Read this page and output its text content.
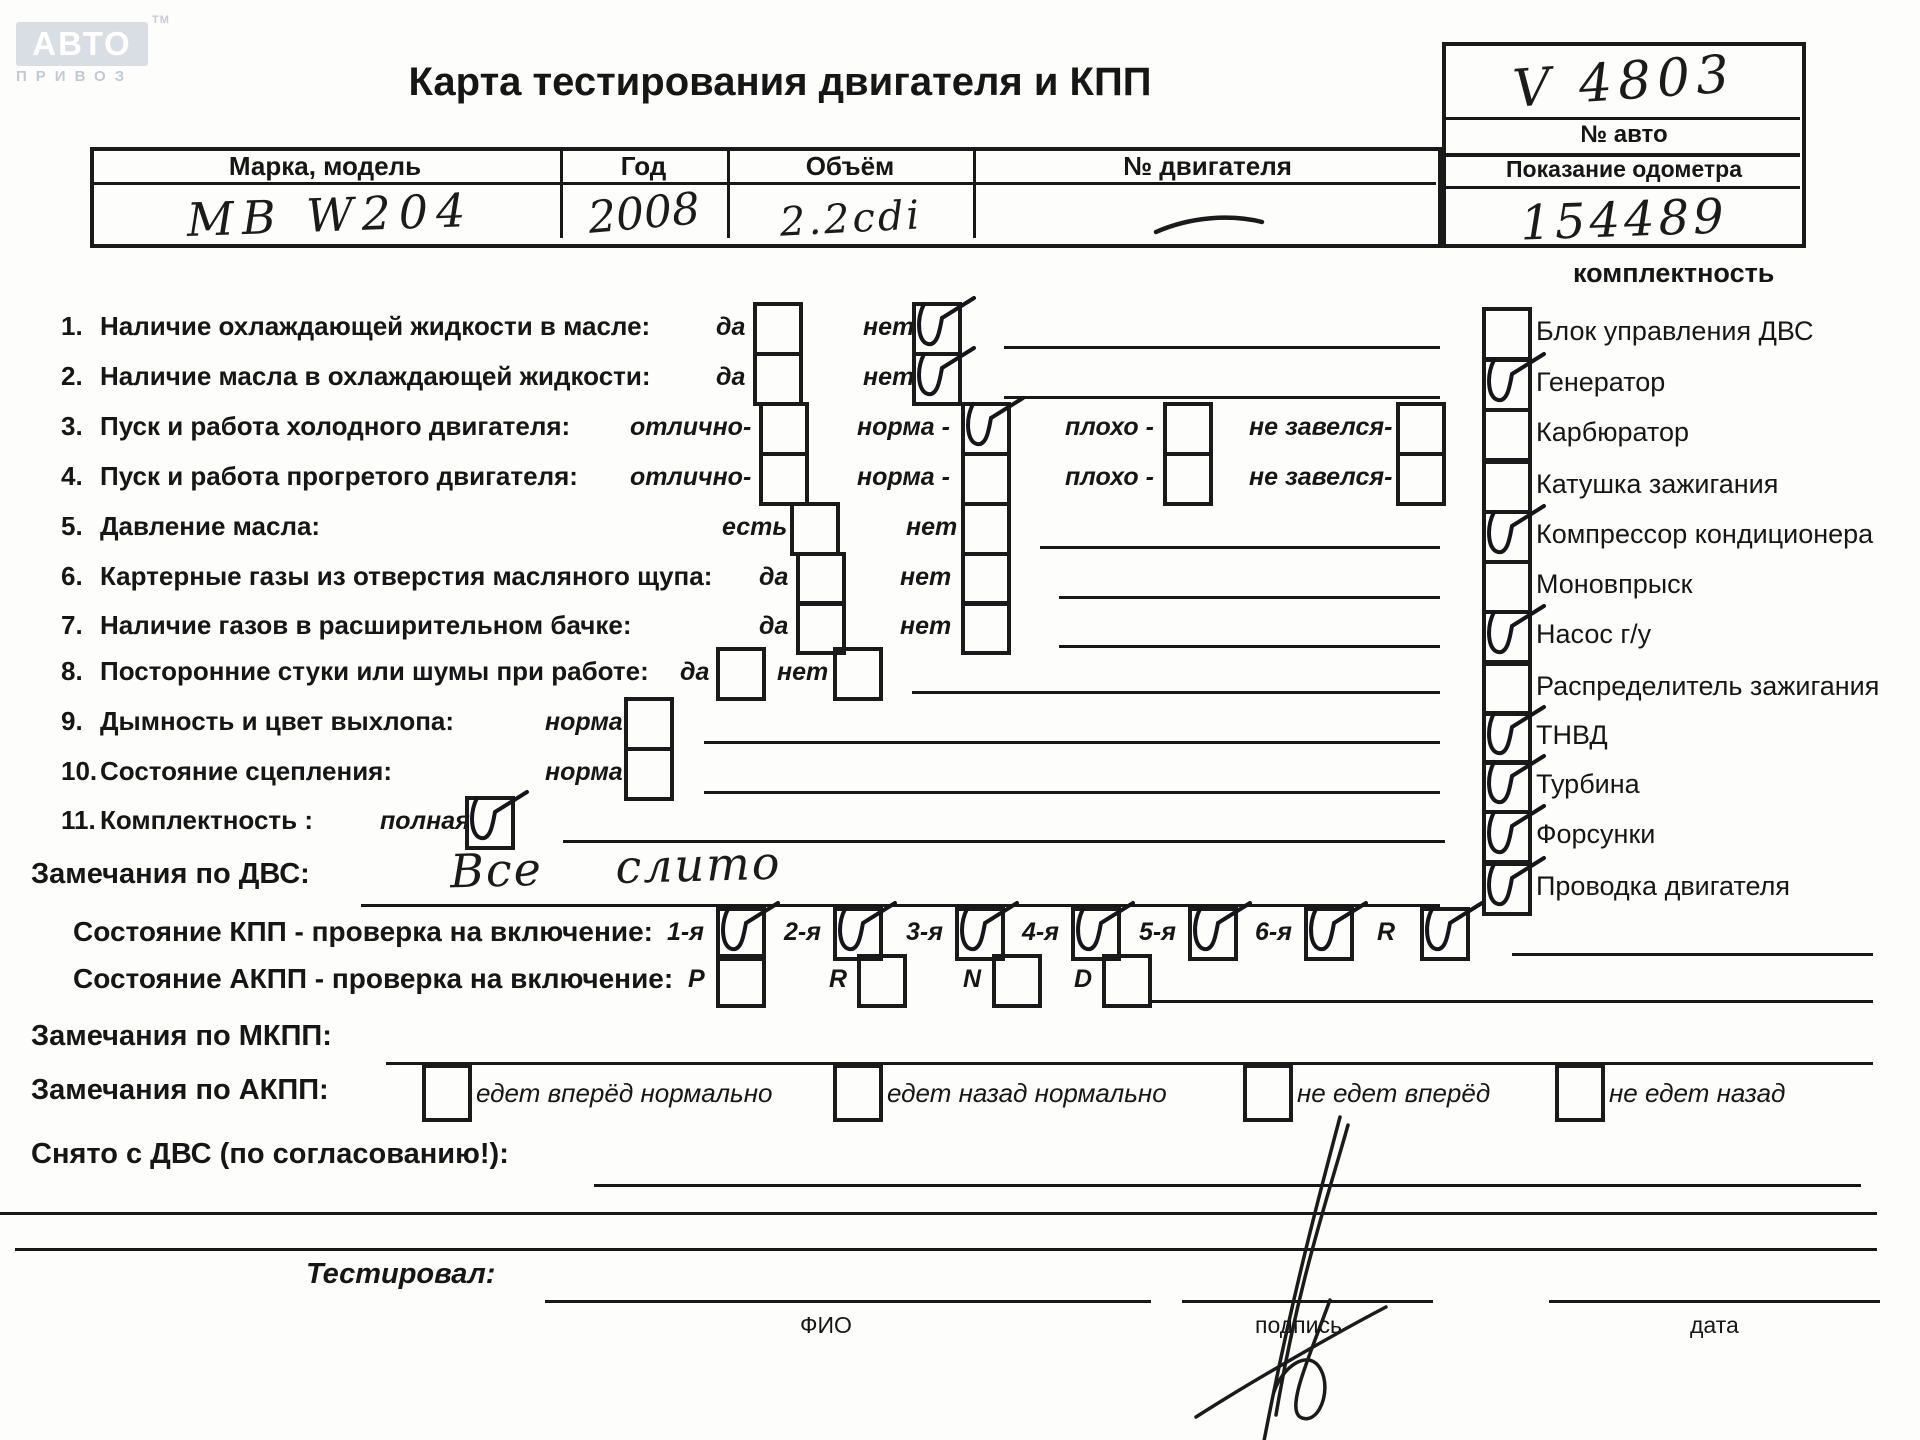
АВТО
TM
ПРИВОЗ	Карта тестирования двигателя и КПП	V 4803
№ авто
Показание одометра
154489
Марка, модель	Год	Объём	№ двигателя
MB W204	2008	2.2cdi
1. Наличие охлаждающей жидкости в масле:	да	нет
2. Наличие масла в охлаждающей жидкости:	да	нет
3. Пуск и работа холодного двигателя: отлично-	норма -	плохо -	не завелся-
4. Пуск и работа прогретого двигателя: отлично-	норма -	плохо -	не завелся-
5. Давление масла:	есть	нет
6. Картерные газы из отверстия масляного щупа: да	нет
7. Наличие газов в расширительном бачке:	да	нет
8. Посторонние стуки или шумы при работе: да	нет
9. Дымность и цвет выхлопа:	норма
10. Состояние сцепления:	норма
11. Комплектность :	полная
комплектность
Блок управления ДВС
Генератор
Карбюратор
Катушка зажигания
Компрессор кондиционера
Моновпрыск
Насос г/у
Распределитель зажигания
ТНВД
Турбина
Форсунки
Проводка двигателя
Замечания по ДВС:	Все слито
Состояние КПП - проверка на включение: 1-я	2-я	3-я	4-я	5-я	6-я	R
Состояние АКПП - проверка на включение: P	R	N	D
Замечания по МКПП:
Замечания по АКПП:	едет вперёд нормально	едет назад нормально	не едет вперёд	не едет назад
Снято с ДВС (по согласованию!):
Тестировал:
ФИО	подпись	дата
